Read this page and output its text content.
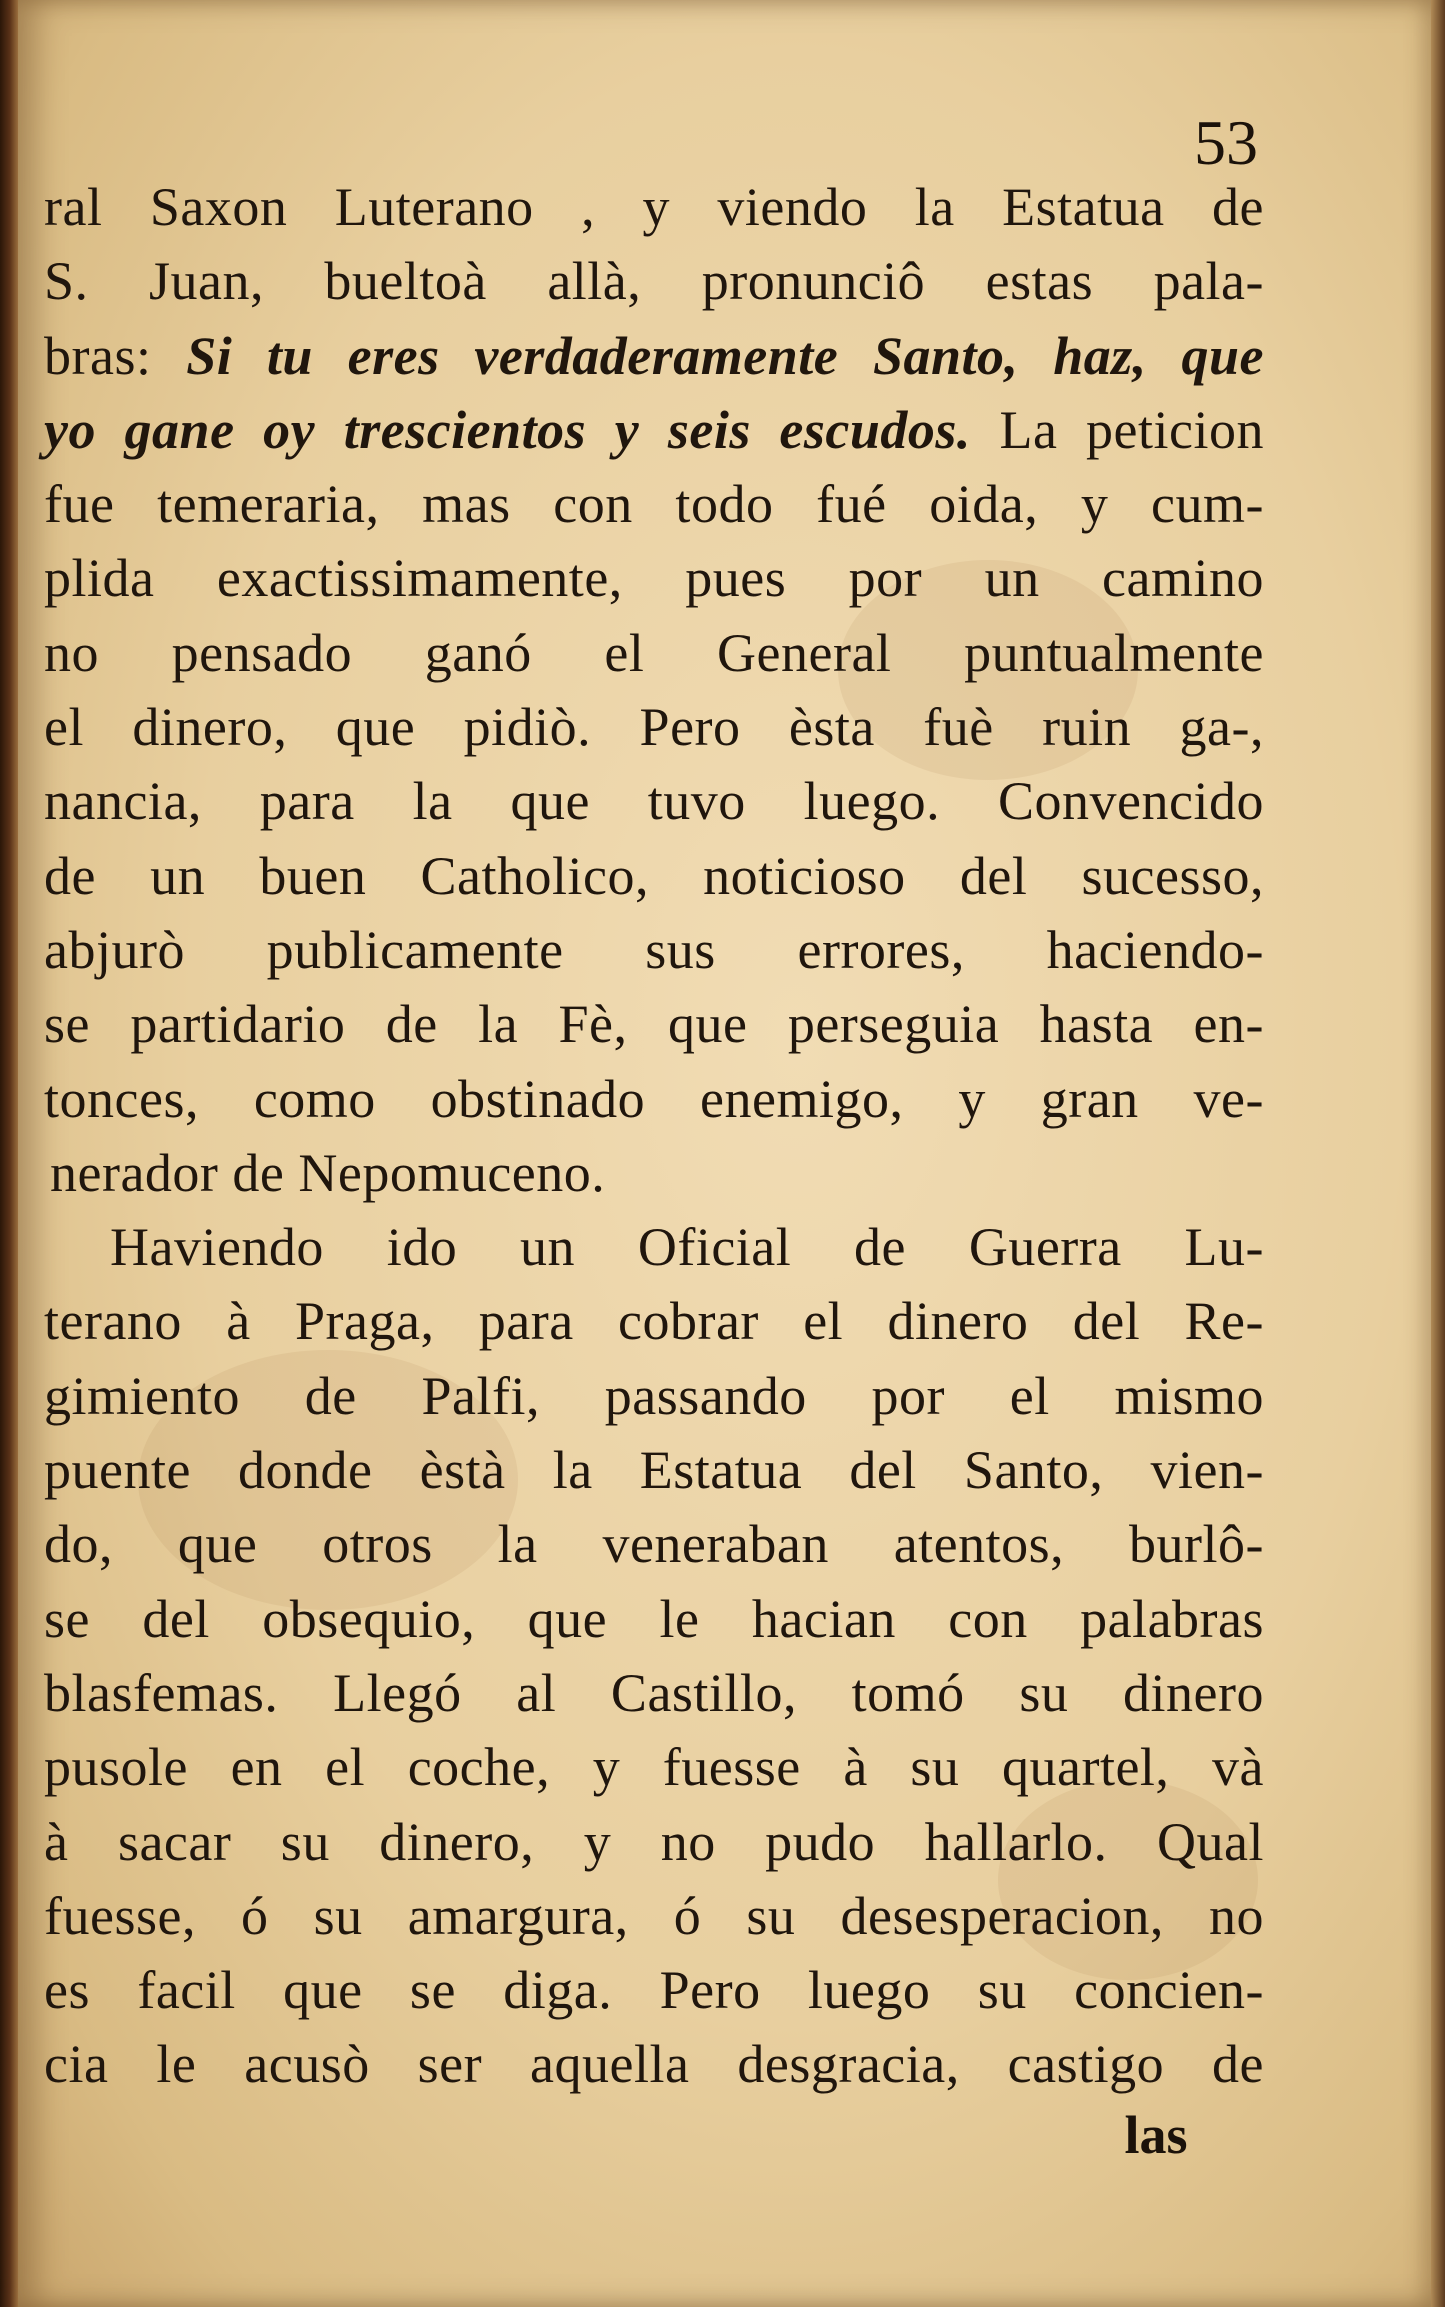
53
ral Saxon Luterano , y viendo la Estatua de
S. Juan, bueltoà allà, pronunciô estas pala-
bras: Si tu eres verdaderamente Santo, haz, que
yo gane oy trescientos y seis escudos. La peticion
fue temeraria, mas con todo fué oida, y cum-
plida exactissimamente, pues por un camino
no pensado ganó el General puntualmente
el dinero, que pidiò. Pero èsta fuè ruin ga-,
nancia, para la que tuvo luego. Convencido
de un buen Catholico, noticioso del sucesso,
abjurò publicamente sus errores, haciendo-
se partidario de la Fè, que perseguia hasta en-
tonces, como obstinado enemigo, y gran ve-
nerador de Nepomuceno.
Haviendo ido un Oficial de Guerra Lu-
terano à Praga, para cobrar el dinero del Re-
gimiento de Palfi, passando por el mismo
puente donde èstà la Estatua del Santo, vien-
do, que otros la veneraban atentos, burlô-
se del obsequio, que le hacian con palabras
blasfemas. Llegó al Castillo, tomó su dinero
pusole en el coche, y fuesse à su quartel, và
à sacar su dinero, y no pudo hallarlo. Qual
fuesse, ó su amargura, ó su desesperacion, no
es facil que se diga. Pero luego su concien-
cia le acusò ser aquella desgracia, castigo de
las
